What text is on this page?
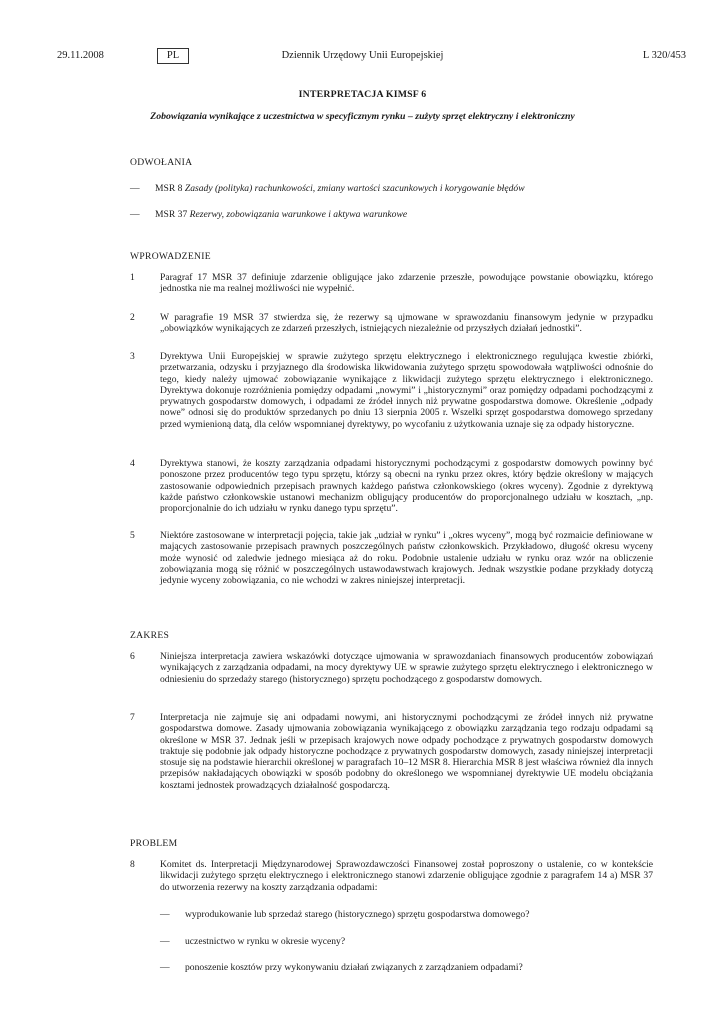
29.11.2008	PL	Dziennik Urzędowy Unii Europejskiej	L 320/453
INTERPRETACJA KIMSF 6
Zobowiązania wynikające z uczestnictwa w specyficznym rynku – zużyty sprzęt elektryczny i elektroniczny
ODWOŁANIA
— MSR 8 Zasady (polityka) rachunkowości, zmiany wartości szacunkowych i korygowanie błędów
— MSR 37 Rezerwy, zobowiązania warunkowe i aktywa warunkowe
WPROWADZENIE
1	Paragraf 17 MSR 37 definiuje zdarzenie obligujące jako zdarzenie przeszłe, powodujące powstanie obowiązku, którego jednostka nie ma realnej możliwości nie wypełnić.
2	W paragrafie 19 MSR 37 stwierdza się, że rezerwy są ujmowane w sprawozdaniu finansowym jedynie w przypadku „obowiązków wynikających ze zdarzeń przeszłych, istniejących niezależnie od przyszłych działań jednostki”.
3	Dyrektywa Unii Europejskiej w sprawie zużytego sprzętu elektrycznego i elektronicznego regulująca kwestie zbiórki, przetwarzania, odzysku i przyjaznego dla środowiska likwidowania zużytego sprzętu spowodowała wątpliwości odnośnie do tego, kiedy należy ujmować zobowiązanie wynikające z likwidacji zużytego sprzętu elektrycznego i elektronicznego. Dyrektywa dokonuje rozróżnienia pomiędzy odpadami „nowymi” i „historycznymi” oraz pomiędzy odpadami pochodzącymi z prywatnych gospodarstw domowych, i odpadami ze źródeł innych niż prywatne gospodarstwa domowe. Określenie „odpady nowe” odnosi się do produktów sprzedanych po dniu 13 sierpnia 2005 r. Wszelki sprzęt gospodarstwa domowego sprzedany przed wymienioną datą, dla celów wspomnianej dyrektywy, po wycofaniu z użytkowania uznaje się za odpady historyczne.
4	Dyrektywa stanowi, że koszty zarządzania odpadami historycznymi pochodzącymi z gospodarstw domowych powinny być ponoszone przez producentów tego typu sprzętu, którzy są obecni na rynku przez okres, który będzie określony w mających zastosowanie odpowiednich przepisach prawnych każdego państwa członkowskiego (okres wyceny). Zgodnie z dyrektywą każde państwo członkowskie ustanowi mechanizm obligujący producentów do proporcjonalnego udziału w kosztach, „np. proporcjonalnie do ich udziału w rynku danego typu sprzętu”.
5	Niektóre zastosowane w interpretacji pojęcia, takie jak „udział w rynku” i „okres wyceny”, mogą być rozmaicie definiowane w mających zastosowanie przepisach prawnych poszczególnych państw członkowskich. Przykładowo, długość okresu wyceny może wynosić od zaledwie jednego miesiąca aż do roku. Podobnie ustalenie udziału w rynku oraz wzór na obliczenie zobowiązania mogą się różnić w poszczególnych ustawodawstwach krajowych. Jednak wszystkie podane przykłady dotyczą jedynie wyceny zobowiązania, co nie wchodzi w zakres niniejszej interpretacji.
ZAKRES
6	Niniejsza interpretacja zawiera wskazówki dotyczące ujmowania w sprawozdaniach finansowych producentów zobowiązań wynikających z zarządzania odpadami, na mocy dyrektywy UE w sprawie zużytego sprzętu elektrycznego i elektronicznego w odniesieniu do sprzedaży starego (historycznego) sprzętu pochodzącego z gospodarstw domowych.
7	Interpretacja nie zajmuje się ani odpadami nowymi, ani historycznymi pochodzącymi ze źródeł innych niż prywatne gospodarstwa domowe. Zasady ujmowania zobowiązania wynikającego z obowiązku zarządzania tego rodzaju odpadami są określone w MSR 37. Jednak jeśli w przepisach krajowych nowe odpady pochodzące z prywatnych gospodarstw domowych traktuje się podobnie jak odpady historyczne pochodzące z prywatnych gospodarstw domowych, zasady niniejszej interpretacji stosuje się na podstawie hierarchii określonej w paragrafach 10–12 MSR 8. Hierarchia MSR 8 jest właściwa również dla innych przepisów nakładających obowiązki w sposób podobny do określonego we wspomnianej dyrektywie UE modelu obciążania kosztami jednostek prowadzących działalność gospodarczą.
PROBLEM
8	Komitet ds. Interpretacji Międzynarodowej Sprawozdawczości Finansowej został poproszony o ustalenie, co w kontekście likwidacji zużytego sprzętu elektrycznego i elektronicznego stanowi zdarzenie obligujące zgodnie z paragrafem 14 a) MSR 37 do utworzenia rezerwy na koszty zarządzania odpadami:
— wyprodukowanie lub sprzedaż starego (historycznego) sprzętu gospodarstwa domowego?
— uczestnictwo w rynku w okresie wyceny?
— ponoszenie kosztów przy wykonywaniu działań związanych z zarządzaniem odpadami?
